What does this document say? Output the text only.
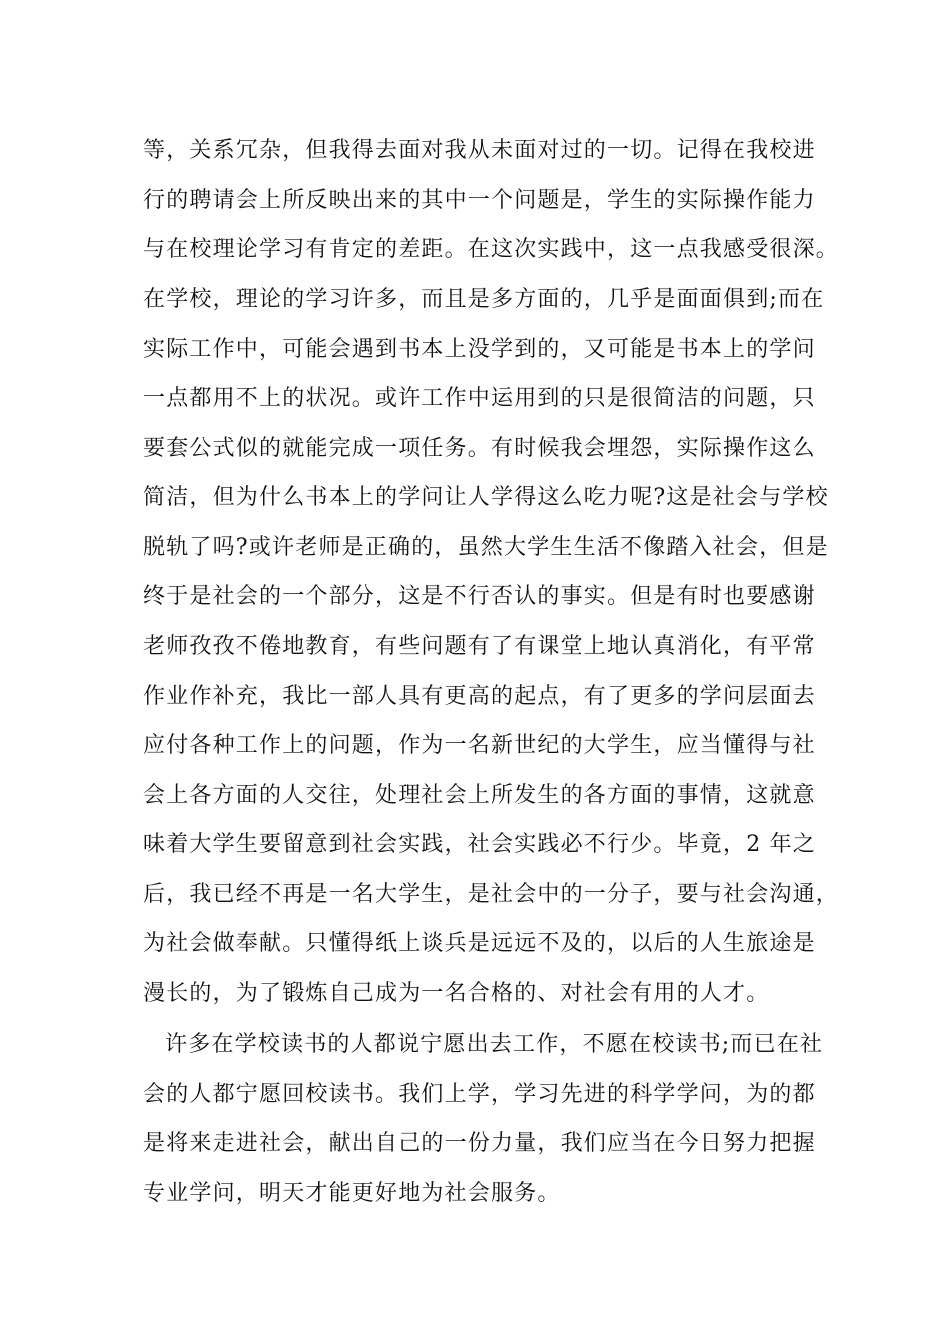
等，关系冗杂，但我得去面对我从未面对过的一切。记得在我校进
行的聘请会上所反映出来的其中一个问题是，学生的实际操作能力
与在校理论学习有肯定的差距。在这次实践中，这一点我感受很深。
在学校，理论的学习许多，而且是多方面的，几乎是面面俱到;而在
实际工作中，可能会遇到书本上没学到的，又可能是书本上的学问
一点都用不上的状况。或许工作中运用到的只是很简洁的问题，只
要套公式似的就能完成一项任务。有时候我会埋怨，实际操作这么
简洁，但为什么书本上的学问让人学得这么吃力呢?这是社会与学校
脱轨了吗?或许老师是正确的，虽然大学生生活不像踏入社会，但是
终于是社会的一个部分，这是不行否认的事实。但是有时也要感谢
老师孜孜不倦地教育，有些问题有了有课堂上地认真消化，有平常
作业作补充，我比一部人具有更高的起点，有了更多的学问层面去
应付各种工作上的问题，作为一名新世纪的大学生，应当懂得与社
会上各方面的人交往，处理社会上所发生的各方面的事情，这就意
味着大学生要留意到社会实践，社会实践必不行少。毕竟，2 年之
后，我已经不再是一名大学生，是社会中的一分子，要与社会沟通，
为社会做奉献。只懂得纸上谈兵是远远不及的，以后的人生旅途是
漫长的，为了锻炼自己成为一名合格的、对社会有用的人才。
许多在学校读书的人都说宁愿出去工作，不愿在校读书;而已在社
会的人都宁愿回校读书。我们上学，学习先进的科学学问，为的都
是将来走进社会，献出自己的一份力量，我们应当在今日努力把握
专业学问，明天才能更好地为社会服务。
